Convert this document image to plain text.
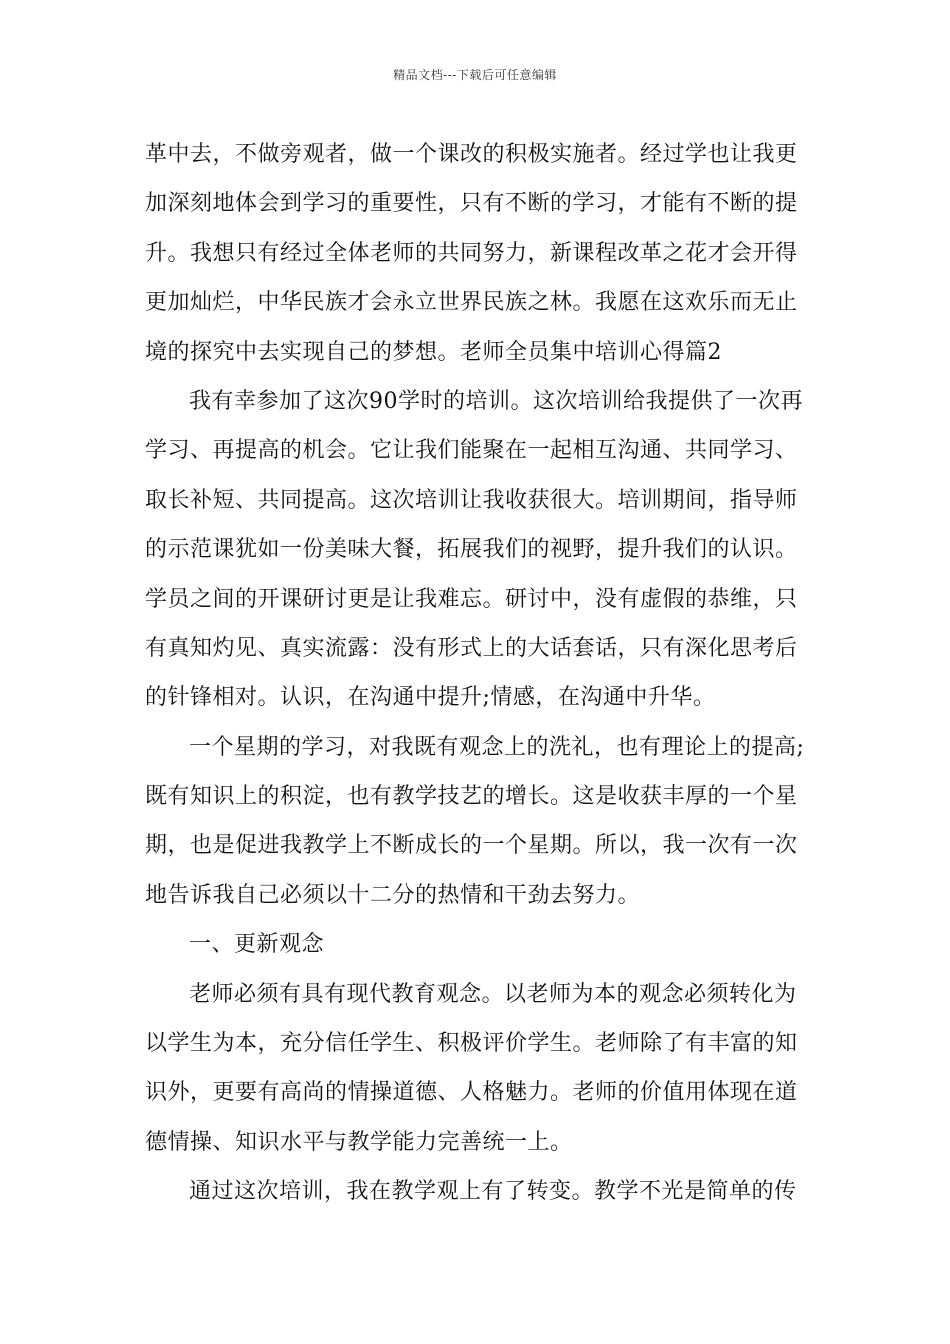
精品文档---下载后可任意编辑
革中去，不做旁观者，做一个课改的积极实施者。经过学也让我更
加深刻地体会到学习的重要性，只有不断的学习，才能有不断的提
升。我想只有经过全体老师的共同努力，新课程改革之花才会开得
更加灿烂，中华民族才会永立世界民族之林。我愿在这欢乐而无止
境的探究中去实现自己的梦想。老师全员集中培训心得篇2
我有幸参加了这次90学时的培训。这次培训给我提供了一次再
学习、再提高的机会。它让我们能聚在一起相互沟通、共同学习、
取长补短、共同提高。这次培训让我收获很大。培训期间，指导师
的示范课犹如一份美味大餐，拓展我们的视野，提升我们的认识。
学员之间的开课研讨更是让我难忘。研讨中，没有虚假的恭维，只
有真知灼见、真实流露：没有形式上的大话套话，只有深化思考后
的针锋相对。认识，在沟通中提升;情感，在沟通中升华。
一个星期的学习，对我既有观念上的洗礼，也有理论上的提高;
既有知识上的积淀，也有教学技艺的增长。这是收获丰厚的一个星
期，也是促进我教学上不断成长的一个星期。所以，我一次有一次
地告诉我自己必须以十二分的热情和干劲去努力。
一、更新观念
老师必须有具有现代教育观念。以老师为本的观念必须转化为
以学生为本，充分信任学生、积极评价学生。老师除了有丰富的知
识外，更要有高尚的情操道德、人格魅力。老师的价值用体现在道
德情操、知识水平与教学能力完善统一上。
通过这次培训，我在教学观上有了转变。教学不光是简单的传
